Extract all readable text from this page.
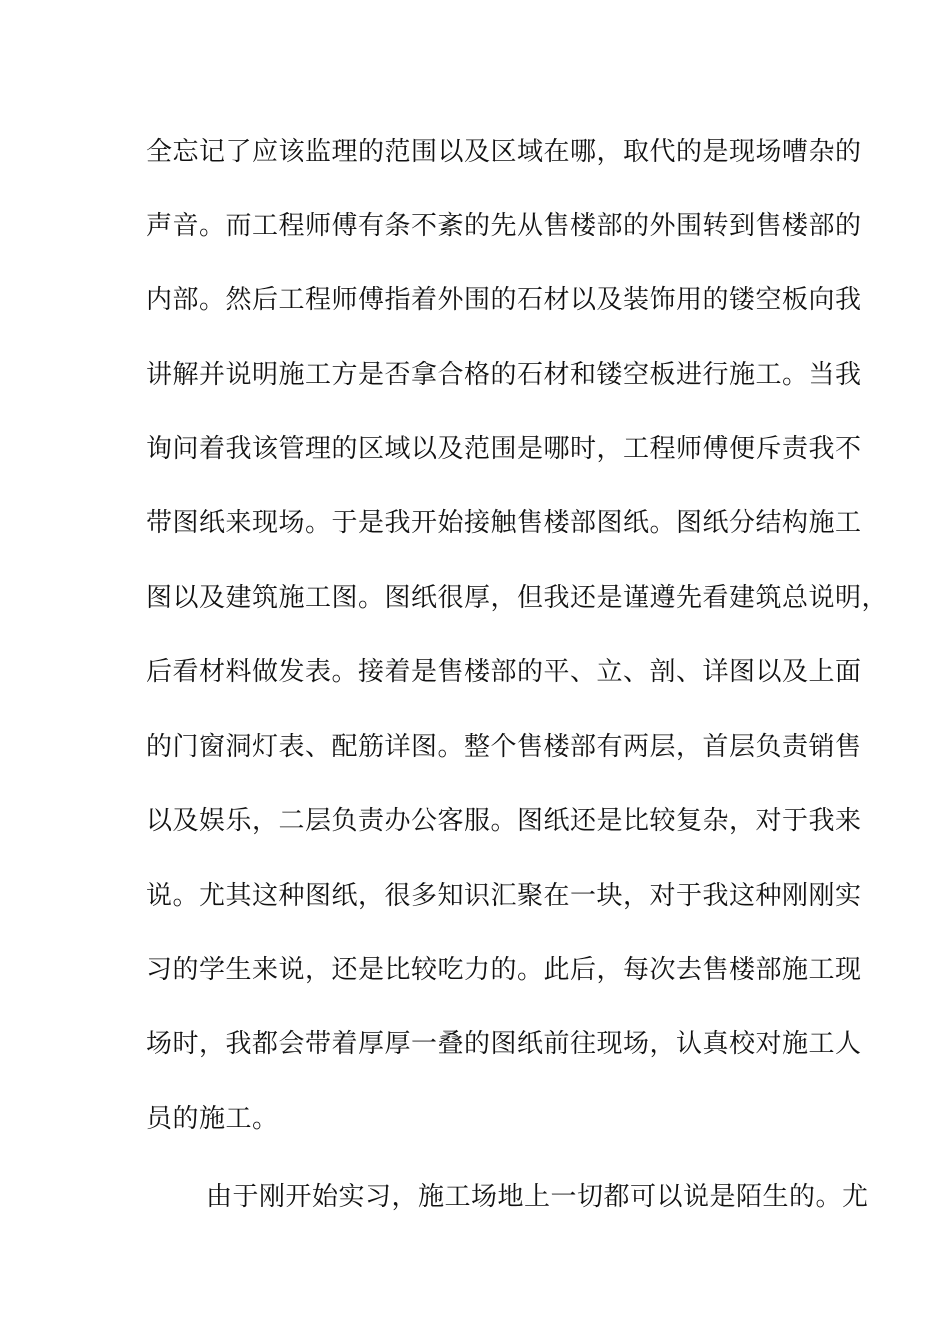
全忘记了应该监理的范围以及区域在哪，取代的是现场嘈杂的
声音。而工程师傅有条不紊的先从售楼部的外围转到售楼部的
内部。然后工程师傅指着外围的石材以及装饰用的镂空板向我
讲解并说明施工方是否拿合格的石材和镂空板进行施工。当我
询问着我该管理的区域以及范围是哪时，工程师傅便斥责我不
带图纸来现场。于是我开始接触售楼部图纸。图纸分结构施工
图以及建筑施工图。图纸很厚，但我还是谨遵先看建筑总说明，
后看材料做发表。接着是售楼部的平、立、剖、详图以及上面
的门窗洞灯表、配筋详图。整个售楼部有两层，首层负责销售
以及娱乐，二层负责办公客服。图纸还是比较复杂，对于我来
说。尤其这种图纸，很多知识汇聚在一块，对于我这种刚刚实
习的学生来说，还是比较吃力的。此后，每次去售楼部施工现
场时，我都会带着厚厚一叠的图纸前往现场，认真校对施工人
员的施工。
由于刚开始实习，施工场地上一切都可以说是陌生的。尤
